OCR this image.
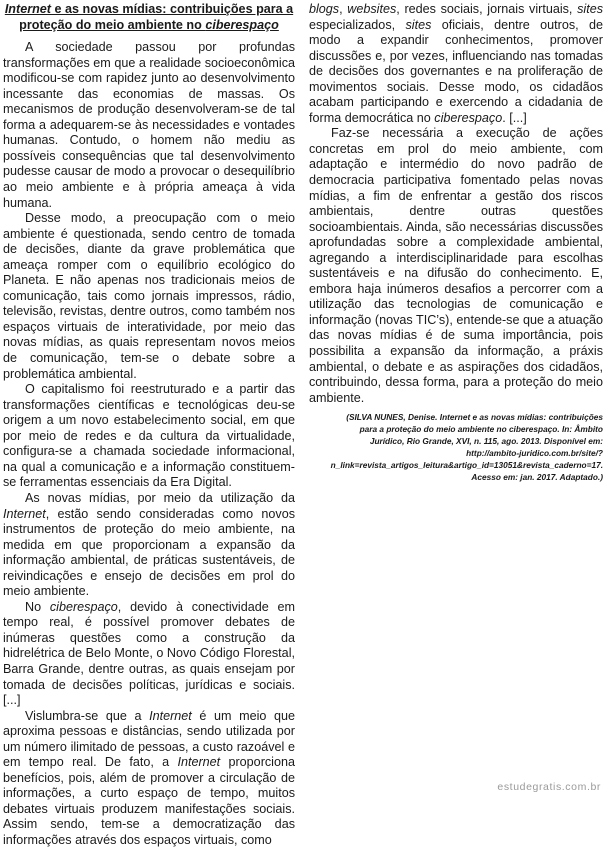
Internet e as novas mídias: contribuições para a
proteção do meio ambiente no ciberespaço

A sociedade passou por profundas transformações em que a realidade socioeconômica modificou-se com rapidez junto ao desenvolvimento incessante das economias de massas. Os mecanismos de produção desenvolveram-se de tal forma a adequarem-se às necessidades e vontades humanas. Contudo, o homem não mediu as possíveis consequências que tal desenvolvimento pudesse causar de modo a provocar o desequilíbrio ao meio ambiente e à própria ameaça à vida humana.

Desse modo, a preocupação com o meio ambiente é questionada, sendo centro de tomada de decisões, diante da grave problemática que ameaça romper com o equilíbrio ecológico do Planeta. E não apenas nos tradicionais meios de comunicação, tais como jornais impressos, rádio, televisão, revistas, dentre outros, como também nos espaços virtuais de interatividade, por meio das novas mídias, as quais representam novos meios de comunicação, tem-se o debate sobre a problemática ambiental.

O capitalismo foi reestruturado e a partir das transformações científicas e tecnológicas deu-se origem a um novo estabelecimento social, em que por meio de redes e da cultura da virtualidade, configura-se a chamada sociedade informacional, na qual a comunicação e a informação constituem-se ferramentas essenciais da Era Digital.

As novas mídias, por meio da utilização da Internet, estão sendo consideradas como novos instrumentos de proteção do meio ambiente, na medida em que proporcionam a expansão da informação ambiental, de práticas sustentáveis, de reivindicações e ensejo de decisões em prol do meio ambiente.

No ciberespaço, devido à conectividade em tempo real, é possível promover debates de inúmeras questões como a construção da hidrelétrica de Belo Monte, o Novo Código Florestal, Barra Grande, dentre outras, as quais ensejam por tomada de decisões políticas, jurídicas e sociais. [...]

Vislumbra-se que a Internet é um meio que aproxima pessoas e distâncias, sendo utilizada por um número ilimitado de pessoas, a custo razoável e em tempo real. De fato, a Internet proporciona benefícios, pois, além de promover a circulação de informações, a curto espaço de tempo, muitos debates virtuais produzem manifestações sociais. Assim sendo, tem-se a democratização das informações através dos espaços virtuais, como

blogs, websites, redes sociais, jornais virtuais, sites especializados, sites oficiais, dentre outros, de modo a expandir conhecimentos, promover discussões e, por vezes, influenciando nas tomadas de decisões dos governantes e na proliferação de movimentos sociais. Desse modo, os cidadãos acabam participando e exercendo a cidadania de forma democrática no ciberespaço. [...]

Faz-se necessária a execução de ações concretas em prol do meio ambiente, com adaptação e intermédio do novo padrão de democracia participativa fomentado pelas novas mídias, a fim de enfrentar a gestão dos riscos ambientais, dentre outras questões socioambientais. Ainda, são necessárias discussões aprofundadas sobre a complexidade ambiental, agregando a interdisciplinaridade para escolhas sustentáveis e na difusão do conhecimento. E, embora haja inúmeros desafios a percorrer com a utilização das tecnologias de comunicação e informação (novas TIC’s), entende-se que a atuação das novas mídias é de suma importância, pois possibilita a expansão da informação, a práxis ambiental, o debate e as aspirações dos cidadãos, contribuindo, dessa forma, para a proteção do meio ambiente.

(SILVA NUNES, Denise. Internet e as novas mídias: contribuições para a proteção do meio ambiente no ciberespaço. In: Âmbito Jurídico, Rio Grande, XVI, n. 115, ago. 2013. Disponível em: http://ambito-juridico.com.br/site/?n_link=revista_artigos_leitura&artigo_id=13051&revista_caderno=17. Acesso em: jan. 2017. Adaptado.)
estudegratis.com.br
